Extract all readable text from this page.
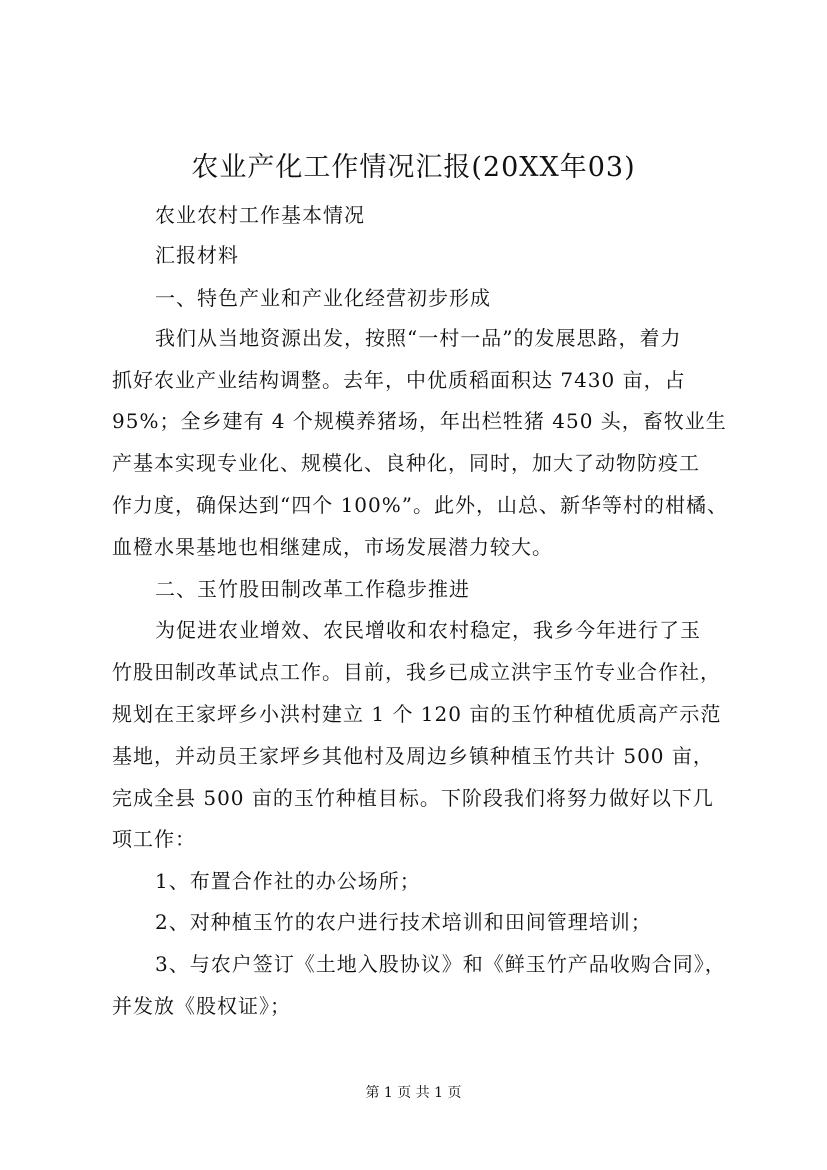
农业产化工作情况汇报(20XX年03)
农业农村工作基本情况
汇报材料
一、特色产业和产业化经营初步形成
我们从当地资源出发，按照“一村一品”的发展思路，着力
抓好农业产业结构调整。去年，中优质稻面积达 7430 亩，占
95%；全乡建有 4 个规模养猪场，年出栏牲猪 450 头，畜牧业生
产基本实现专业化、规模化、良种化，同时，加大了动物防疫工
作力度，确保达到“四个 100%”。此外，山总、新华等村的柑橘、
血橙水果基地也相继建成，市场发展潜力较大。
二、玉竹股田制改革工作稳步推进
为促进农业增效、农民增收和农村稳定，我乡今年进行了玉
竹股田制改革试点工作。目前，我乡已成立洪宇玉竹专业合作社，
规划在王家坪乡小洪村建立 1 个 120 亩的玉竹种植优质高产示范
基地，并动员王家坪乡其他村及周边乡镇种植玉竹共计 500 亩，
完成全县 500 亩的玉竹种植目标。下阶段我们将努力做好以下几
项工作：
1、布置合作社的办公场所；
2、对种植玉竹的农户进行技术培训和田间管理培训；
3、与农户签订《土地入股协议》和《鲜玉竹产品收购合同》，
并发放《股权证》；
第 1 页 共 1 页
